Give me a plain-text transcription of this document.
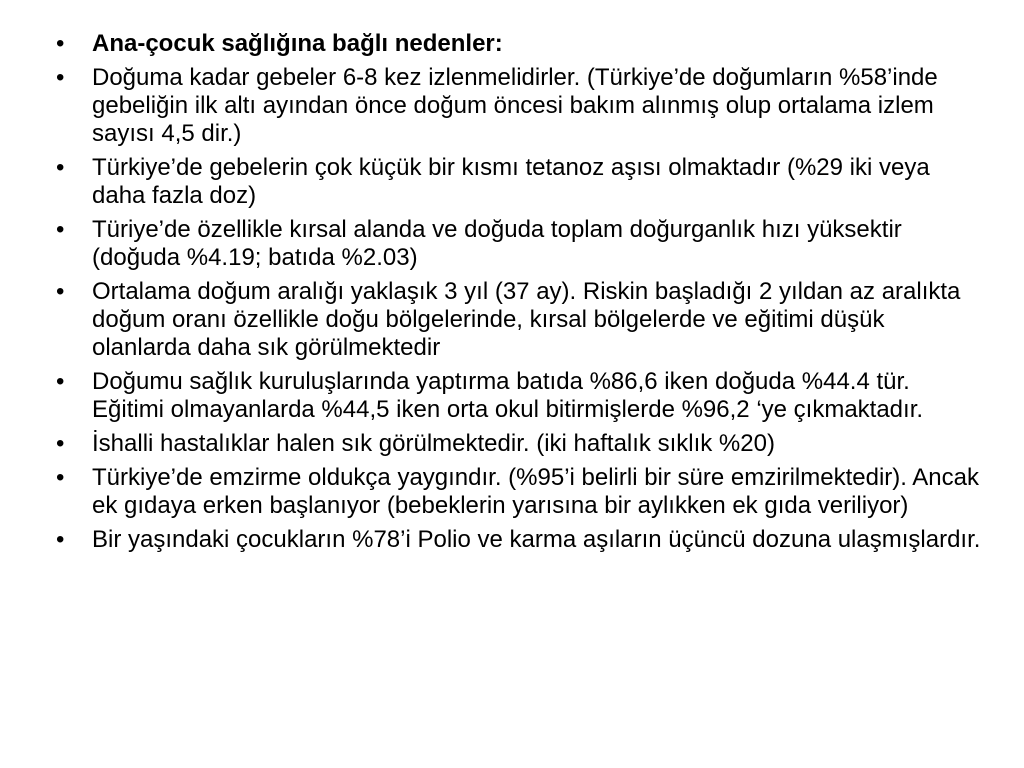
•	Ana-çocuk sağlığına bağlı nedenler:
•	Doğuma kadar gebeler 6-8 kez izlenmelidirler. (Türkiye’de doğumların %58’inde gebeliğin ilk altı ayından önce doğum öncesi bakım alınmış olup ortalama izlem sayısı 4,5 dir.)
•	Türkiye’de gebelerin çok küçük bir kısmı tetanoz aşısı olmaktadır (%29 iki veya daha fazla doz)
•	Türiye’de özellikle kırsal alanda ve doğuda toplam doğurganlık hızı yüksektir (doğuda %4.19; batıda %2.03)
•	Ortalama doğum aralığı yaklaşık 3 yıl (37 ay). Riskin başladığı 2 yıldan az aralıkta doğum oranı özellikle doğu bölgelerinde, kırsal bölgelerde ve eğitimi düşük olanlarda daha sık görülmektedir
•	Doğumu sağlık kuruluşlarında yaptırma batıda %86,6 iken doğuda %44.4 tür. Eğitimi olmayanlarda %44,5 iken orta okul bitirmişlerde %96,2 ‘ye çıkmaktadır.
•	İshalli hastalıklar halen sık görülmektedir. (iki haftalık sıklık %20)
•	Türkiye’de emzirme oldukça yaygındır. (%95’i belirli bir süre emzirilmektedir). Ancak ek gıdaya erken başlanıyor (bebeklerin yarısına bir aylıkken ek gıda veriliyor)
•	Bir yaşındaki çocukların %78’i Polio ve karma aşıların üçüncü dozuna ulaşmışlardır.
